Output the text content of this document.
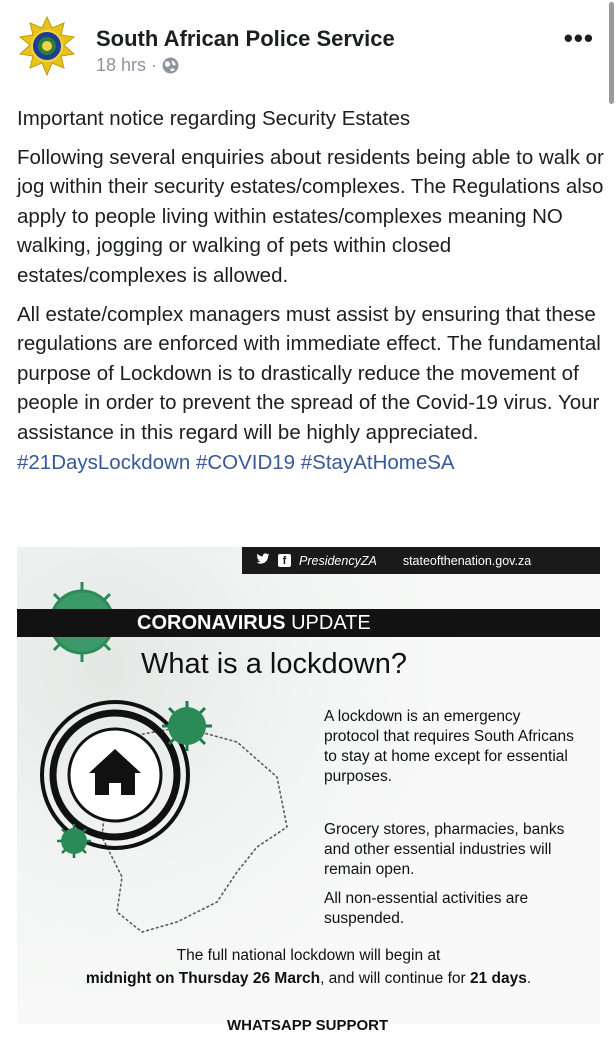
South African Police Service
18 hrs ·
•••

Important notice regarding Security Estates

Following several enquiries about residents being able to walk or jog within their security estates/complexes. The Regulations also apply to people living within estates/complexes meaning NO walking, jogging or walking of pets within closed estates/complexes is allowed.

All estate/complex managers must assist by ensuring that these regulations are enforced with immediate effect. The fundamental purpose of Lockdown is to drastically reduce the movement of people in order to prevent the spread of the Covid-19 virus. Your assistance in this regard will be highly appreciated.
#21DaysLockdown #COVID19 #StayAtHomeSA

f	PresidencyZA stateofthenation.gov.za
CORONAVIRUS UPDATE
What is a lockdown?

A lockdown is an emergency protocol that requires South Africans to stay at home except for essential purposes.

Grocery stores, pharmacies, banks and other essential industries will remain open.

All non-essential activities are suspended.

The full national lockdown will begin at
midnight on Thursday 26 March, and will continue for 21 days.
WHATSAPP SUPPORT
